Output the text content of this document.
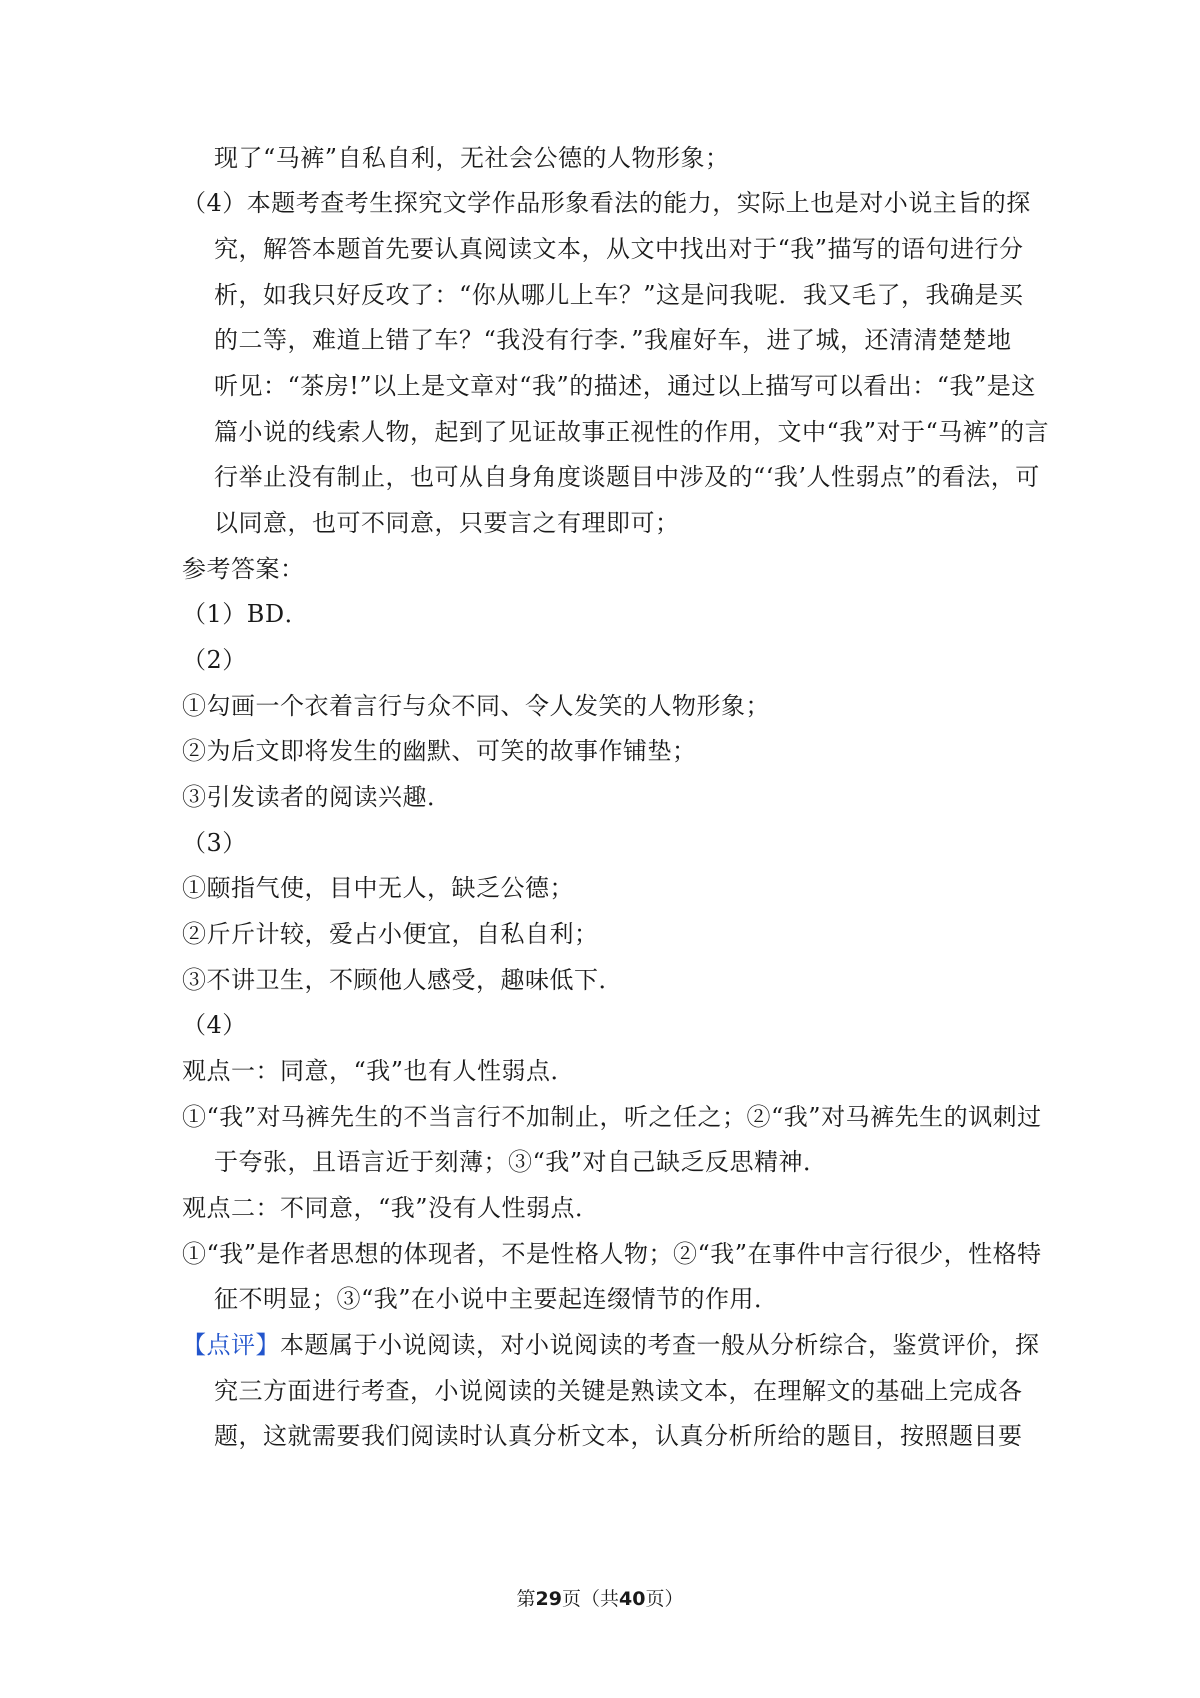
现了“马裤”自私自利，无社会公德的人物形象；
（4）本题考查考生探究文学作品形象看法的能力，实际上也是对小说主旨的探
究，解答本题首先要认真阅读文本，从文中找出对于“我”描写的语句进行分
析，如我只好反攻了：“你从哪儿上车？”这是问我呢．我又毛了，我确是买
的二等，难道上错了车？“我没有行李．”我雇好车，进了城，还清清楚楚地
听见：“茶房!”以上是文章对“我”的描述，通过以上描写可以看出：“我”是这
篇小说的线索人物，起到了见证故事正视性的作用，文中“我”对于“马裤”的言
行举止没有制止，也可从自身角度谈题目中涉及的“‘我’人性弱点”的看法，可
以同意，也可不同意，只要言之有理即可；
参考答案：
（1）BD．
（2）
①勾画一个衣着言行与众不同、令人发笑的人物形象；
②为后文即将发生的幽默、可笑的故事作铺垫；
③引发读者的阅读兴趣．
（3）
①颐指气使，目中无人，缺乏公德；
②斤斤计较，爱占小便宜，自私自利；
③不讲卫生，不顾他人感受，趣味低下．
（4）
观点一：同意，“我”也有人性弱点．
①“我”对马裤先生的不当言行不加制止，听之任之；②“我”对马裤先生的讽刺过
于夸张，且语言近于刻薄；③“我”对自己缺乏反思精神．
观点二：不同意，“我”没有人性弱点．
①“我”是作者思想的体现者，不是性格人物；②“我”在事件中言行很少，性格特
征不明显；③“我”在小说中主要起连缀情节的作用．
【点评】本题属于小说阅读，对小说阅读的考查一般从分析综合，鉴赏评价，探
究三方面进行考查，小说阅读的关键是熟读文本，在理解文的基础上完成各
题，这就需要我们阅读时认真分析文本，认真分析所给的题目，按照题目要
第29页（共40页）
